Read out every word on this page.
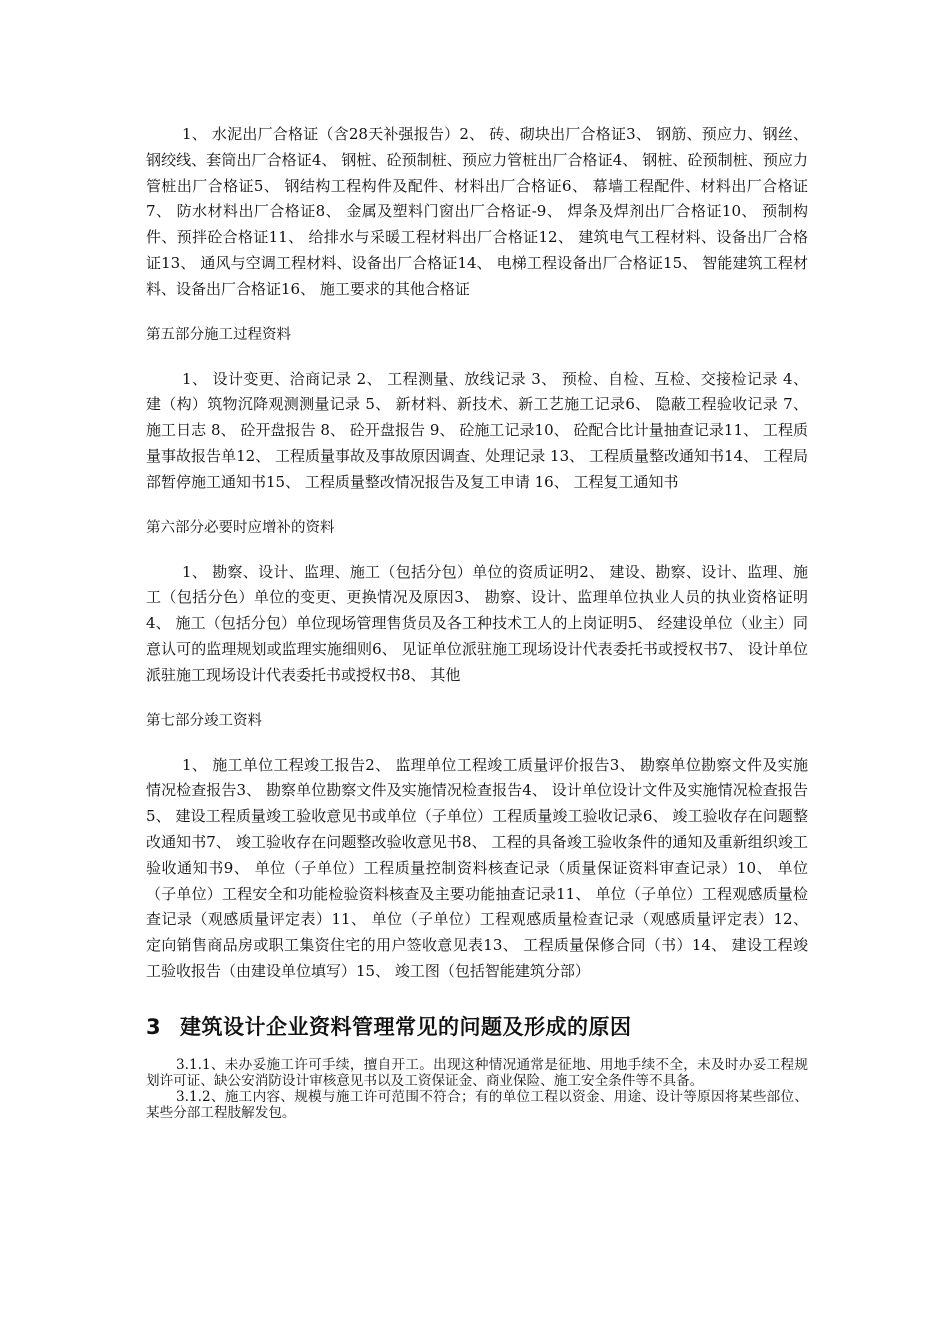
1、 水泥出厂合格证（含28天补强报告）2、 砖、砌块出厂合格证3、 钢筋、预应力、钢丝、钢绞线、套筒出厂合格证4、 钢桩、砼预制桩、预应力管桩出厂合格证4、 钢桩、砼预制桩、预应力管桩出厂合格证5、 钢结构工程构件及配件、材料出厂合格证6、 幕墙工程配件、材料出厂合格证7、 防水材料出厂合格证8、 金属及塑料门窗出厂合格证-9、 焊条及焊剂出厂合格证10、 预制构件、预拌砼合格证11、 给排水与采暖工程材料出厂合格证12、 建筑电气工程材料、设备出厂合格证13、 通风与空调工程材料、设备出厂合格证14、 电梯工程设备出厂合格证15、 智能建筑工程材料、设备出厂合格证16、 施工要求的其他合格证

第五部分施工过程资料

1、 设计变更、洽商记录 2、 工程测量、放线记录 3、 预检、自检、互检、交接检记录 4、 建（构）筑物沉降观测测量记录 5、 新材料、新技术、新工艺施工记录6、 隐蔽工程验收记录 7、 施工日志 8、 砼开盘报告 8、 砼开盘报告 9、 砼施工记录10、 砼配合比计量抽查记录11、 工程质量事故报告单12、 工程质量事故及事故原因调查、处理记录 13、 工程质量整改通知书14、 工程局部暂停施工通知书15、 工程质量整改情况报告及复工申请 16、 工程复工通知书

第六部分必要时应增补的资料

1、 勘察、设计、监理、施工（包括分包）单位的资质证明2、 建设、勘察、设计、监理、施工（包括分色）单位的变更、更换情况及原因3、 勘察、设计、监理单位执业人员的执业资格证明4、 施工（包括分包）单位现场管理售货员及各工种技术工人的上岗证明5、 经建设单位（业主）同意认可的监理规划或监理实施细则6、 见证单位派驻施工现场设计代表委托书或授权书7、 设计单位派驻施工现场设计代表委托书或授权书8、 其他

第七部分竣工资料

1、 施工单位工程竣工报告2、 监理单位工程竣工质量评价报告3、 勘察单位勘察文件及实施情况检查报告3、 勘察单位勘察文件及实施情况检查报告4、 设计单位设计文件及实施情况检查报告5、 建设工程质量竣工验收意见书或单位（子单位）工程质量竣工验收记录6、 竣工验收存在问题整改通知书7、 竣工验收存在问题整改验收意见书8、 工程的具备竣工验收条件的通知及重新组织竣工验收通知书9、 单位（子单位）工程质量控制资料核查记录（质量保证资料审查记录）10、 单位（子单位）工程安全和功能检验资料核查及主要功能抽查记录11、 单位（子单位）工程观感质量检查记录（观感质量评定表）11、 单位（子单位）工程观感质量检查记录（观感质量评定表）12、 定向销售商品房或职工集资住宅的用户签收意见表13、 工程质量保修合同（书）14、 建设工程竣工验收报告（由建设单位填写）15、 竣工图（包括智能建筑分部）

3 建筑设计企业资料管理常见的问题及形成的原因

3.1.1、未办妥施工许可手续，擅自开工。出现这种情况通常是征地、用地手续不全，未及时办妥工程规划许可证、缺公安消防设计审核意见书以及工资保证金、商业保险、施工安全条件等不具备。

3.1.2、施工内容、规模与施工许可范围不符合；有的单位工程以资金、用途、设计等原因将某些部位、某些分部工程肢解发包。
